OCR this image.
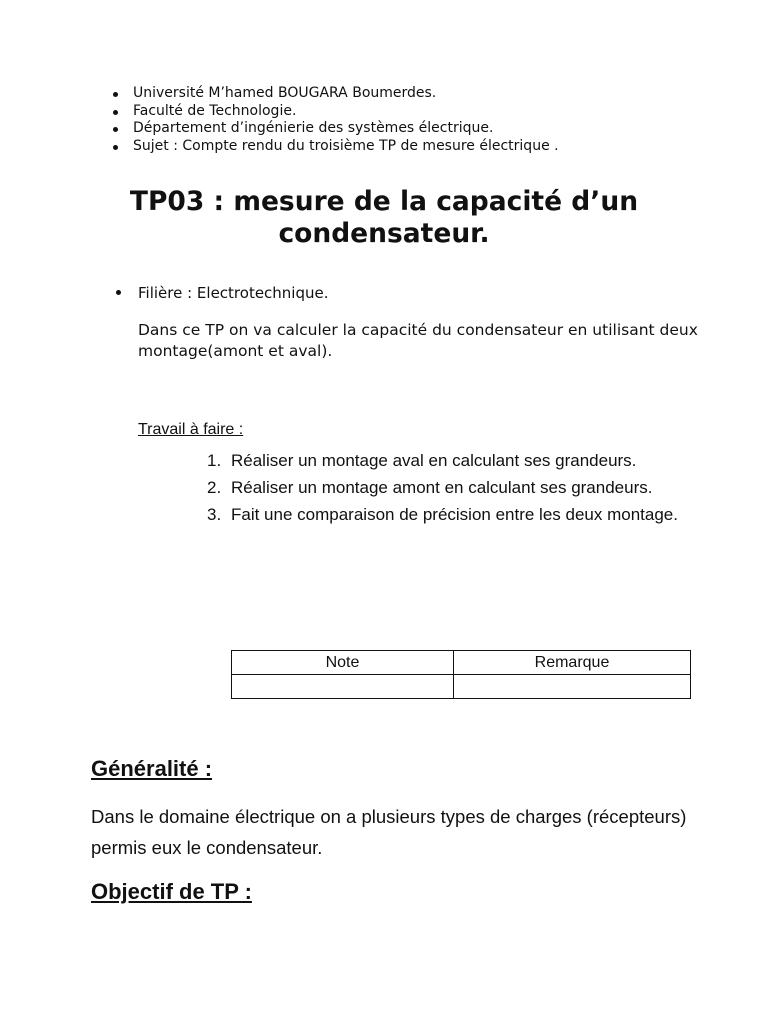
Université M’hamed BOUGARA Boumerdes.
Faculté de Technologie.
Département d’ingénierie des systèmes électrique.
Sujet : Compte rendu du troisième TP de mesure électrique .
TP03 : mesure de la capacité d’un
condensateur.
Filière : Electrotechnique.
Dans ce TP on va calculer la capacité du condensateur en utilisant deux montage(amont et aval).
Travail à faire :
1. Réaliser un montage aval en calculant ses grandeurs.
2. Réaliser un montage amont en calculant ses grandeurs.
3. Fait une comparaison de précision entre les deux montage.
Note	Remarque

Généralité :
Dans le domaine électrique on a plusieurs types de charges (récepteurs) permis eux le condensateur.
Objectif de TP :
